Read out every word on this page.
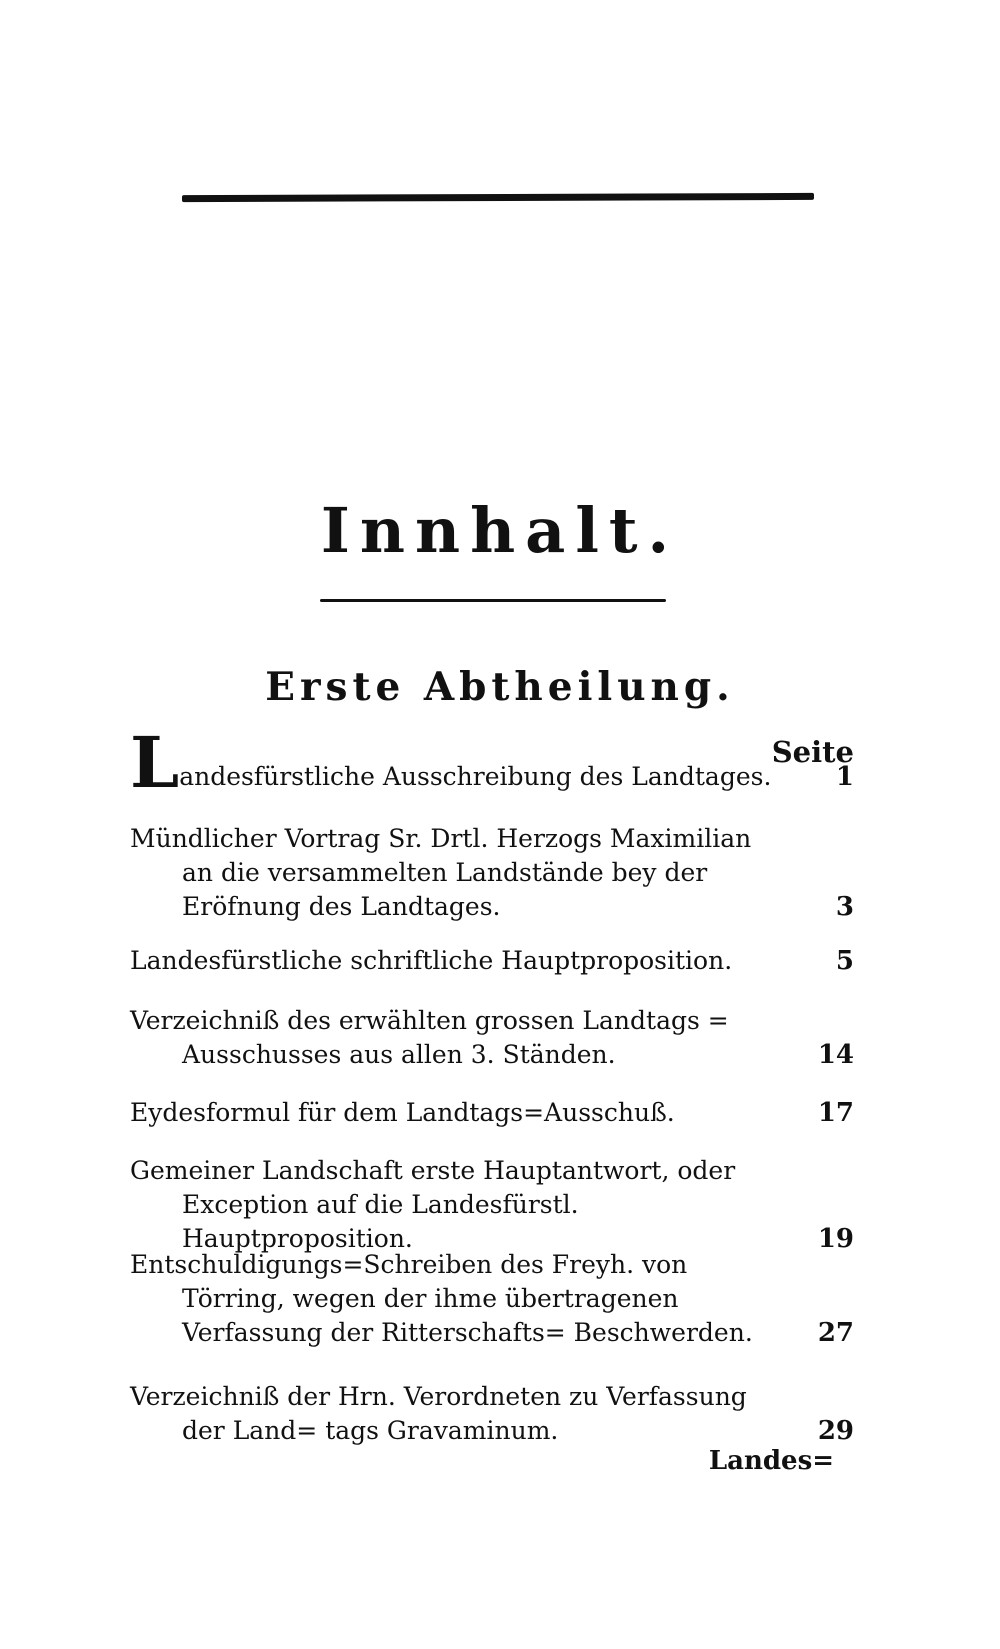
Innhalt.
Erste Abtheilung.
Seite
Landesfürstliche Ausschreibung des Landtages.	1
Mündlicher Vortrag Sr. Drtl. Herzogs Maximilian an die versammelten Landstände bey der Eröfnung des Landtages.	3
Landesfürstliche schriftliche Hauptproposition.	5
Verzeichniß des erwählten grossen Landtags = Ausschusses aus allen 3. Ständen.	14
Eydesformul für dem Landtags=Ausschuß.	17
Gemeiner Landschaft erste Hauptantwort, oder Exception auf die Landesfürstl. Hauptproposition.	19
Entschuldigungs=Schreiben des Freyh. von Törring, wegen der ihme übertragenen Verfassung der Ritterschafts= Beschwerden.	27
Verzeichniß der Hrn. Verordneten zu Verfassung der Land= tags Gravaminum.	29
Landes=
